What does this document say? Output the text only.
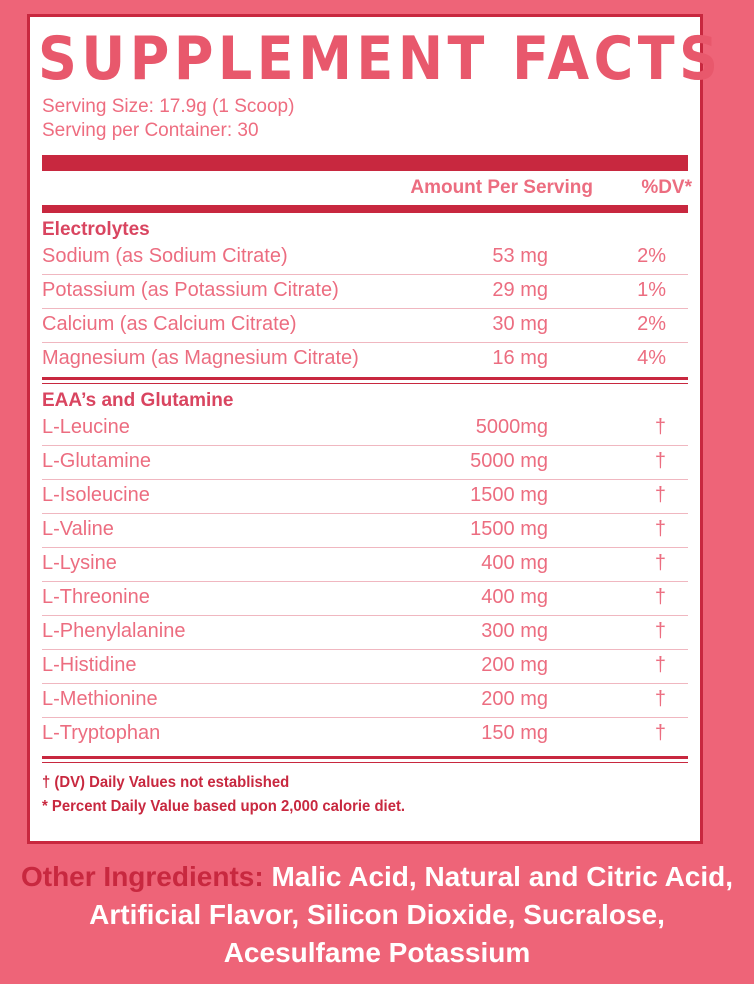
SUPPLEMENT FACTS
Serving Size: 17.9g (1 Scoop)
Serving per Container: 30
Amount Per Serving	%DV*
Electrolytes
Sodium (as Sodium Citrate)	53 mg	2%
Potassium (as Potassium Citrate)	29 mg	1%
Calcium (as Calcium Citrate)	30 mg	2%
Magnesium (as Magnesium Citrate)	16 mg	4%
EAA’s and Glutamine
L-Leucine	5000mg	†
L-Glutamine	5000 mg	†
L-Isoleucine	1500 mg	†
L-Valine	1500 mg	†
L-Lysine	400 mg	†
L-Threonine	400 mg	†
L-Phenylalanine	300 mg	†
L-Histidine	200 mg	†
L-Methionine	200 mg	†
L-Tryptophan	150 mg	†
† (DV) Daily Values not established
* Percent Daily Value based upon 2,000 calorie diet.
Other Ingredients: Malic Acid, Natural and Citric Acid, Artificial Flavor, Silicon Dioxide, Sucralose, Acesulfame Potassium
